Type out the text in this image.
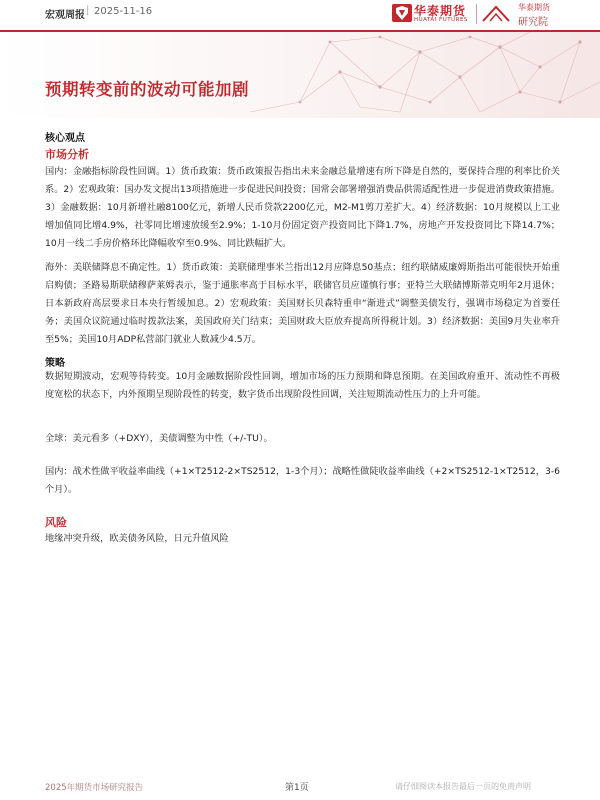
宏观周报 | 2025-11-16	华泰期货
HUATAI FUTURES
华泰期货
研究院
预期转变前的波动可能加剧
核心观点
市场分析

国内：金融指标阶段性回调。1）货币政策：货币政策报告指出未来金融总量增速有所下降是自然的，要保持合理的利率比价关系。2）宏观政策：国办发文提出13项措施进一步促进民间投资；国常会部署增强消费品供需适配性进一步促进消费政策措施。3）金融数据：10月新增社融8100亿元，新增人民币贷款2200亿元，M2-M1剪刀差扩大。4）经济数据：10月规模以上工业增加值同比增4.9%，社零同比增速放缓至2.9%；1-10月份固定资产投资同比下降1.7%，房地产开发投资同比下降14.7%；10月一线二手房价格环比降幅收窄至0.9%、同比跌幅扩大。

海外：美联储降息不确定性。1）货币政策：美联储理事米兰指出12月应降息50基点；纽约联储威廉姆斯指出可能很快开始重启购债；圣路易斯联储穆萨莱姆表示，鉴于通胀率高于目标水平，联储官员应谨慎行事；亚特兰大联储博斯蒂克明年2月退休；日本新政府高层要求日本央行暂缓加息。2）宏观政策：美国财长贝森特重申“渐进式”调整美债发行，强调市场稳定为首要任务；美国众议院通过临时拨款法案，美国政府关门结束；美国财政大臣放弃提高所得税计划。3）经济数据：美国9月失业率升至5%；美国10月ADP私营部门就业人数减少4.5万。

策略

数据短期波动，宏观等待转变。10月金融数据阶段性回调，增加市场的压力预期和降息预期。在美国政府重开、流动性不再极度宽松的状态下，内外预期呈现阶段性的转变，数字货币出现阶段性回调，关注短期流动性压力的上升可能。

全球：美元看多（+DXY），美债调整为中性（+/-TU）。

国内：战术性做平收益率曲线（+1×T2512-2×TS2512，1-3个月）；战略性做陡收益率曲线（+2×TS2512-1×T2512，3-6个月）。

风险

地缘冲突升级，欧美债务风险，日元升值风险

2025年期货市场研究报告	第1页	请仔细阅读本报告最后一页的免责声明
